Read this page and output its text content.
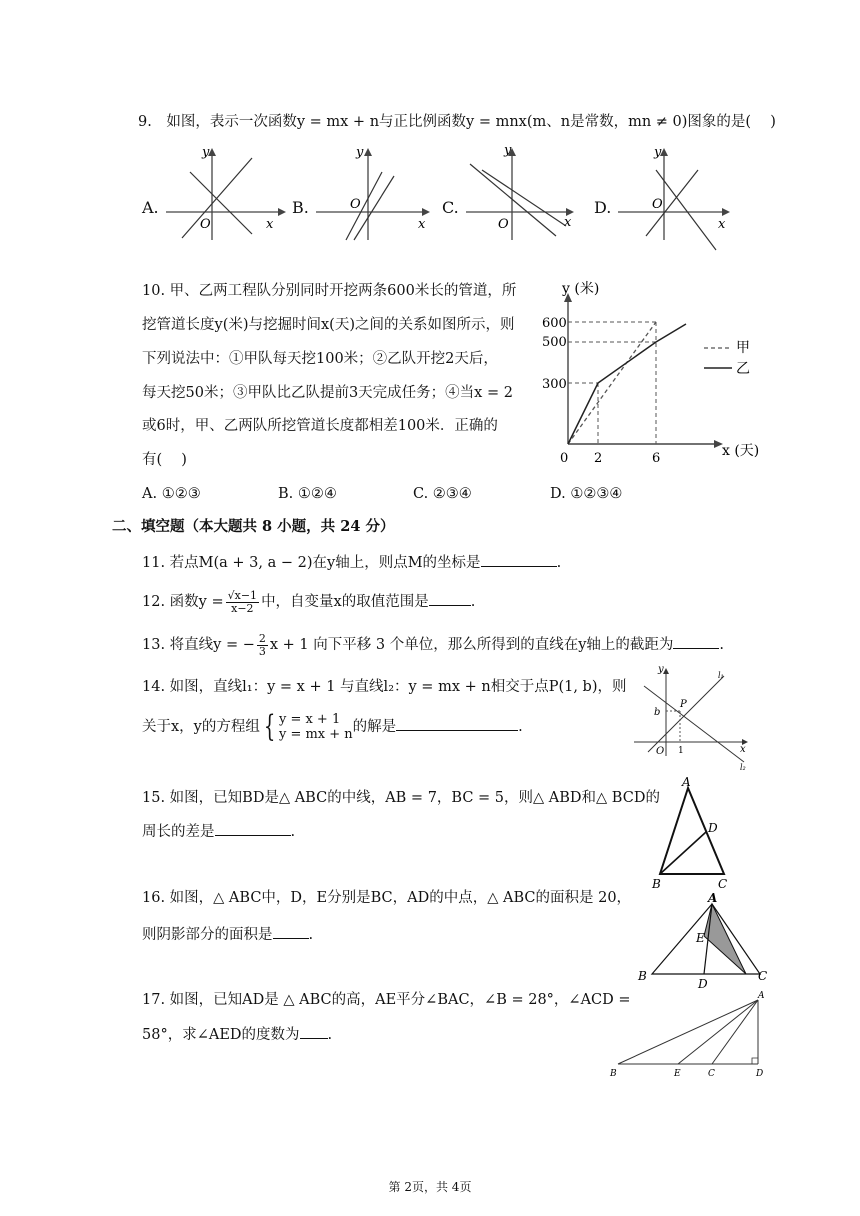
9.　如图，表示一次函数y = mx + n与正比例函数y = mnx(m、n是常数，mn ≠ 0)图象的是(　 )
A.
O	x
y
B.	O
x
y
C.
O	x
y
D.	O
x
y
10. 甲、乙两工程队分别同时开挖两条600米长的管道，所
挖管道长度y(米)与挖掘时间x(天)之间的关系如图所示，则
下列说法中：①甲队每天挖100米；②乙队开挖2天后，
每天挖50米；③甲队比乙队提前3天完成任务；④当x = 2
或6时，甲、乙两队所挖管道长度都相差100米．正确的
有(　 )
y (米)
x (天)
600
500
300
0 2	6
甲
乙
A. ①②③	B. ①②④	C. ②③④	D. ①②③④
二、填空题（本大题共 8 小题，共 24 分）
11. 若点M(a + 3, a − 2)在y轴上，则点M的坐标是	.
12. 函数$y = \frac{√x-1}{x-2}$ 中，自变量x的取值范围是	.
13. 将直线y = − $\frac{2}{3}$ x + 1 向下平移 3 个单位，那么所得到的直线在y轴上的截距为	.
14. 如图，直线l₁：y = x + 1 与直线l₂：y = mx + n相交于点P(1, b)，则
关于x，y的方程组 { y = x + 1
y = mx + n 的解是	.
y
x
O
b
P
1
l₁
l₂
15. 如图，已知BD是△ ABC的中线，AB = 7，BC = 5，则△ ABD和△ BCD的
周长的差是	.
A
B	C
D
16. 如图，△ ABC中，D，E分别是BC，AD的中点，△ ABC的面积是 20，
则阴影部分的面积是 .
A
B	C
D
E
17. 如图，已知AD是 △ ABC的高，AE平分∠BAC，∠B = 28°，∠ACD =
58°，求∠AED的度数为 .
A
B	E	C	D
第 2页，共 4页
